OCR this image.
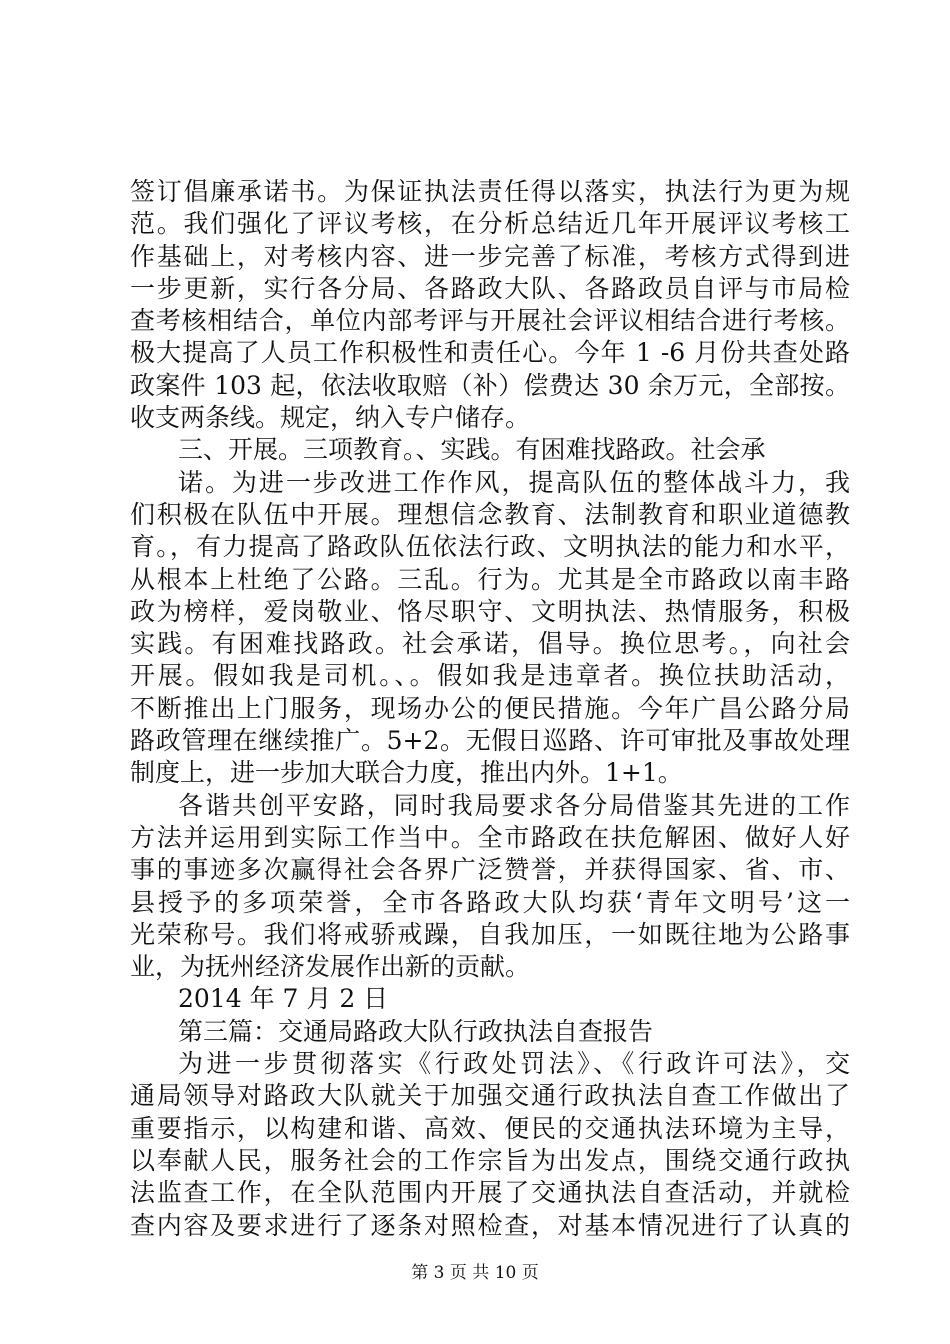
签订倡廉承诺书。为保证执法责任得以落实，执法行为更为规
范。我们强化了评议考核，在分析总结近几年开展评议考核工
作基础上，对考核内容、进一步完善了标准，考核方式得到进
一步更新，实行各分局、各路政大队、各路政员自评与市局检
查考核相结合，单位内部考评与开展社会评议相结合进行考核。
极大提高了人员工作积极性和责任心。今年 1 -6 月份共查处路
政案件 103 起，依法收取赔（补）偿费达 30 余万元，全部按。
收支两条线。规定，纳入专户储存。
三、开展。三项教育。、实践。有困难找路政。社会承
诺。为进一步改进工作作风，提高队伍的整体战斗力，我
们积极在队伍中开展。理想信念教育、法制教育和职业道德教
育。，有力提高了路政队伍依法行政、文明执法的能力和水平，
从根本上杜绝了公路。三乱。行为。尤其是全市路政以南丰路
政为榜样，爱岗敬业、恪尽职守、文明执法、热情服务，积极
实践。有困难找路政。社会承诺，倡导。换位思考。，向社会
开展。假如我是司机。、。假如我是违章者。换位扶助活动，
不断推出上门服务，现场办公的便民措施。今年广昌公路分局
路政管理在继续推广。5+2。无假日巡路、许可审批及事故处理
制度上，进一步加大联合力度，推出内外。1+1。
各谐共创平安路，同时我局要求各分局借鉴其先进的工作
方法并运用到实际工作当中。全市路政在扶危解困、做好人好
事的事迹多次赢得社会各界广泛赞誉，并获得国家、省、市、
县授予的多项荣誉，全市各路政大队均获‘青年文明号’这一
光荣称号。我们将戒骄戒躁，自我加压，一如既往地为公路事
业，为抚州经济发展作出新的贡献。
2014 年 7 月 2 日
第三篇：交通局路政大队行政执法自查报告
为进一步贯彻落实《行政处罚法》、《行政许可法》，交
通局领导对路政大队就关于加强交通行政执法自查工作做出了
重要指示，以构建和谐、高效、便民的交通执法环境为主导，
以奉献人民，服务社会的工作宗旨为出发点，围绕交通行政执
法监查工作，在全队范围内开展了交通执法自查活动，并就检
查内容及要求进行了逐条对照检查，对基本情况进行了认真的
第 3 页 共 10 页
